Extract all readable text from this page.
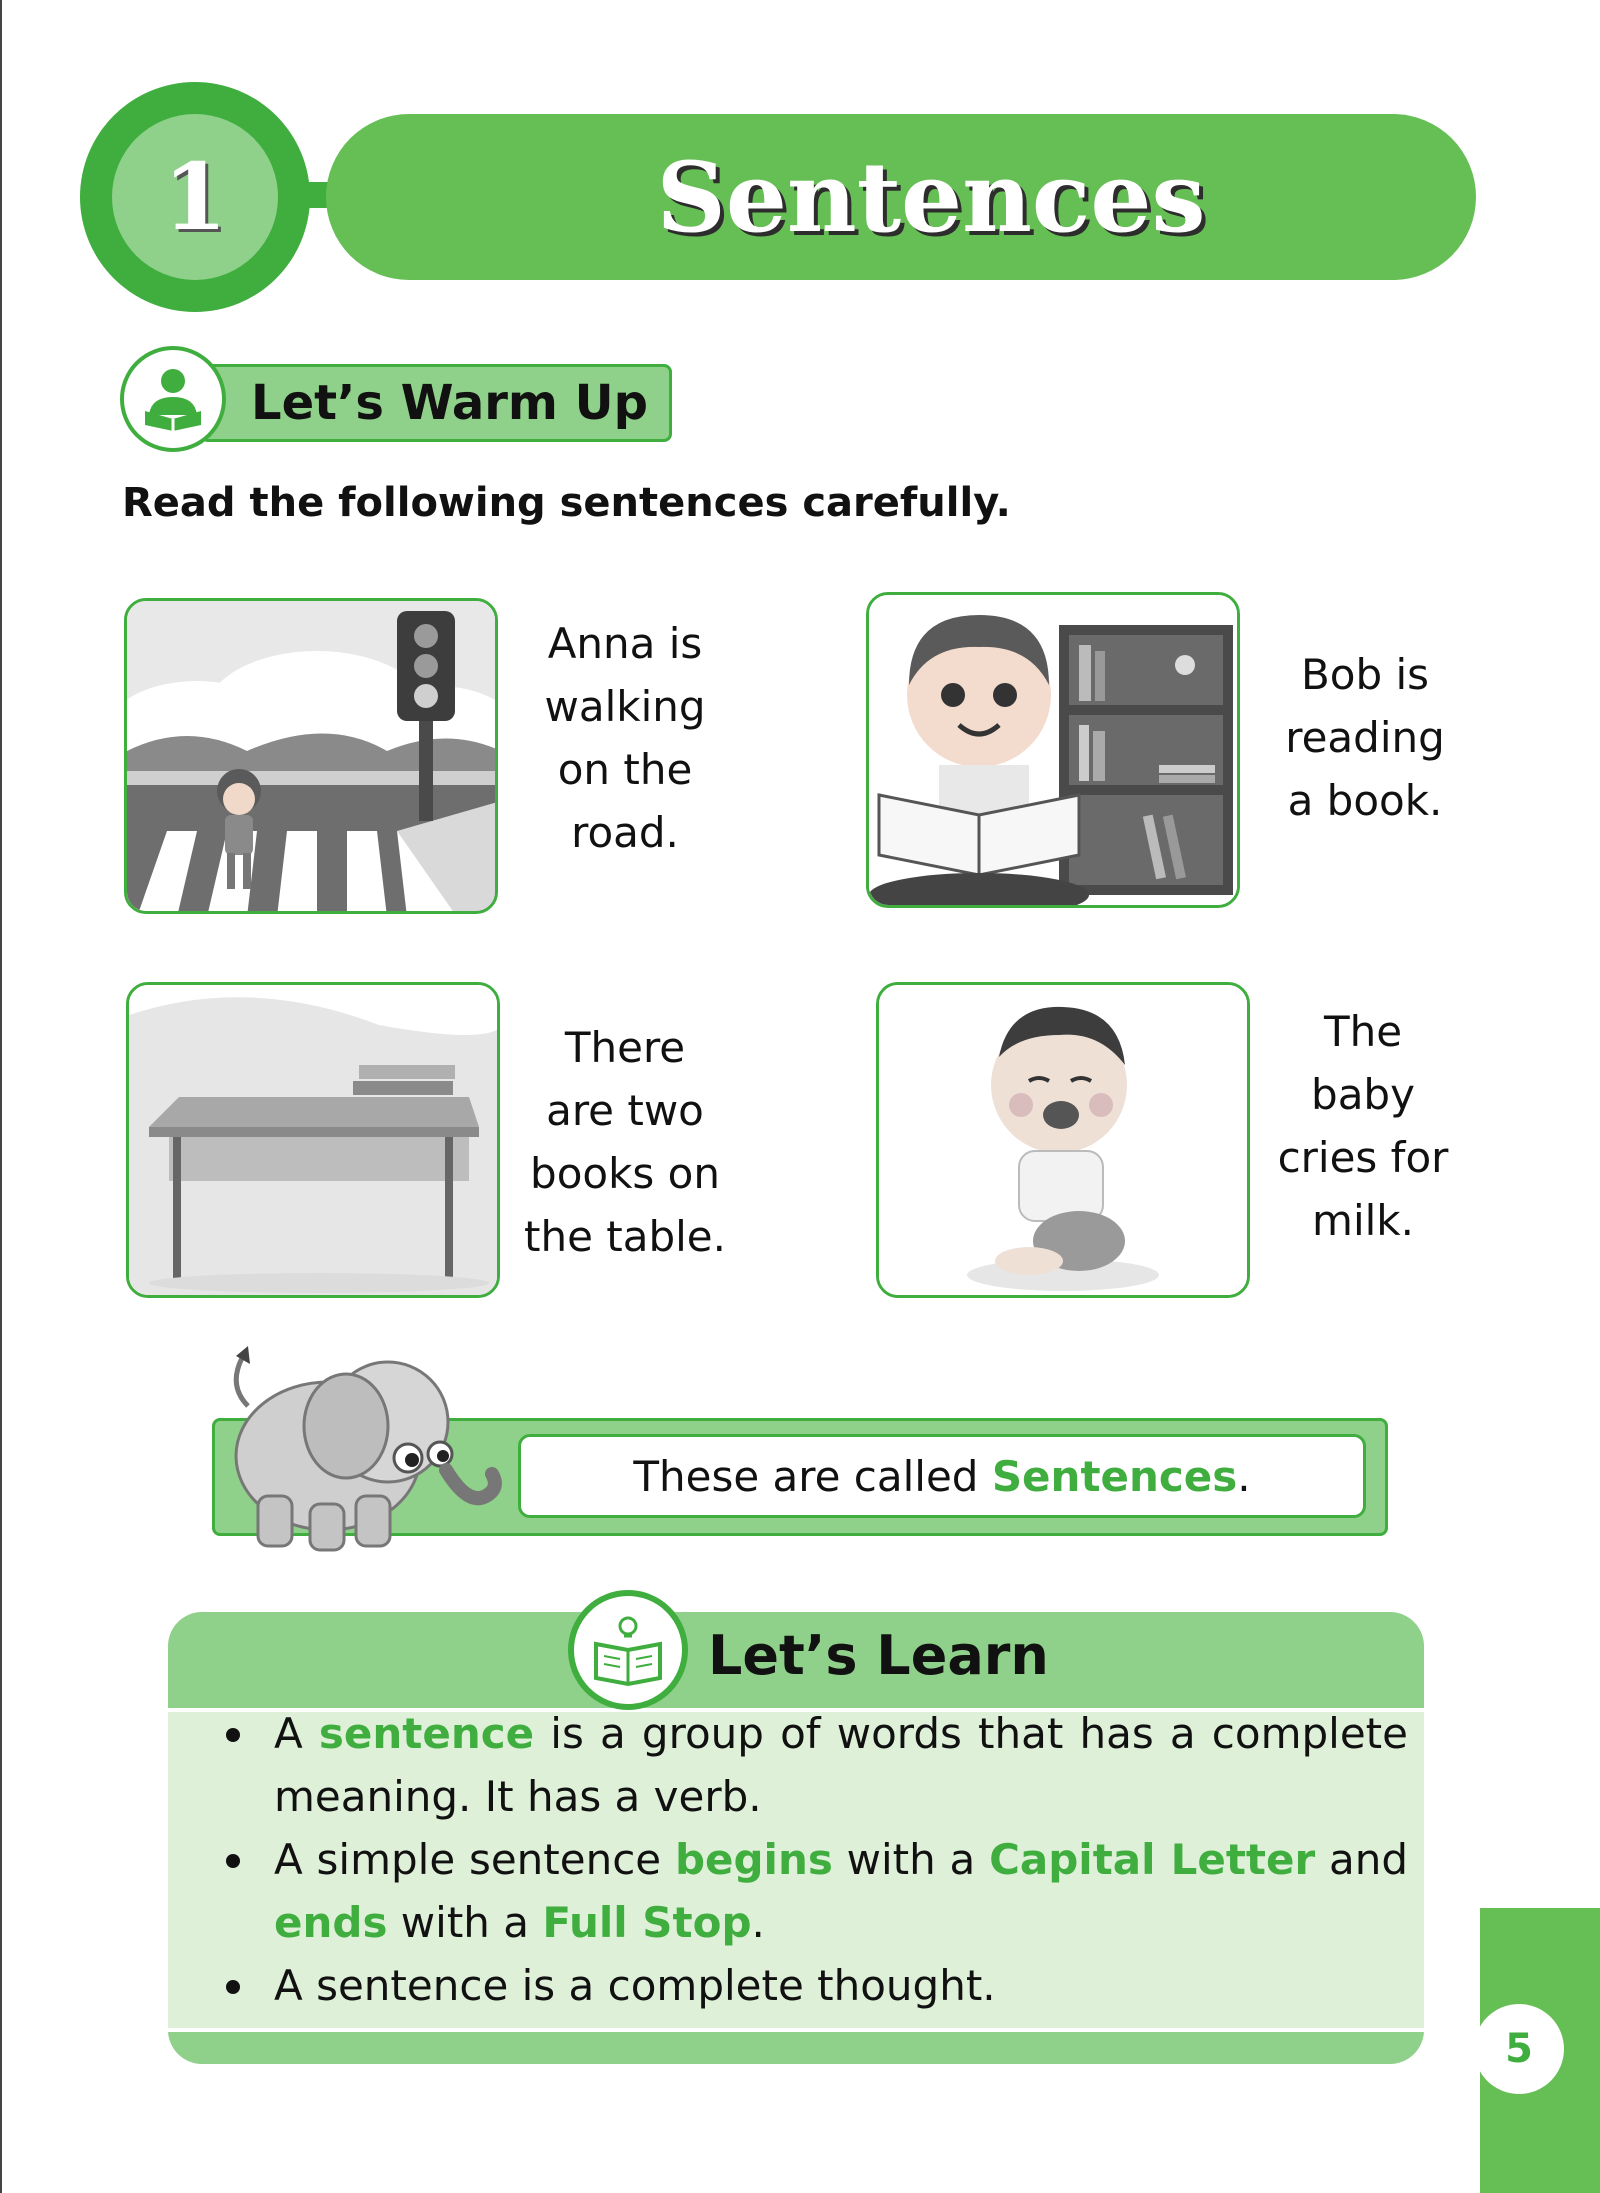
1	Sentences
Let’s Warm Up
Read the following sentences carefully.
Anna is
walking
on the
road.
Bob is
reading
a book.
There
are two
books on
the table.
The
baby
cries for
milk.
These are called Sentences .
Let’s Learn
A sentence is a group of words that has a complete meaning. It has a verb.
A simple sentence begins with a Capital Letter and ends with a Full Stop.
A sentence is a complete thought.
5
